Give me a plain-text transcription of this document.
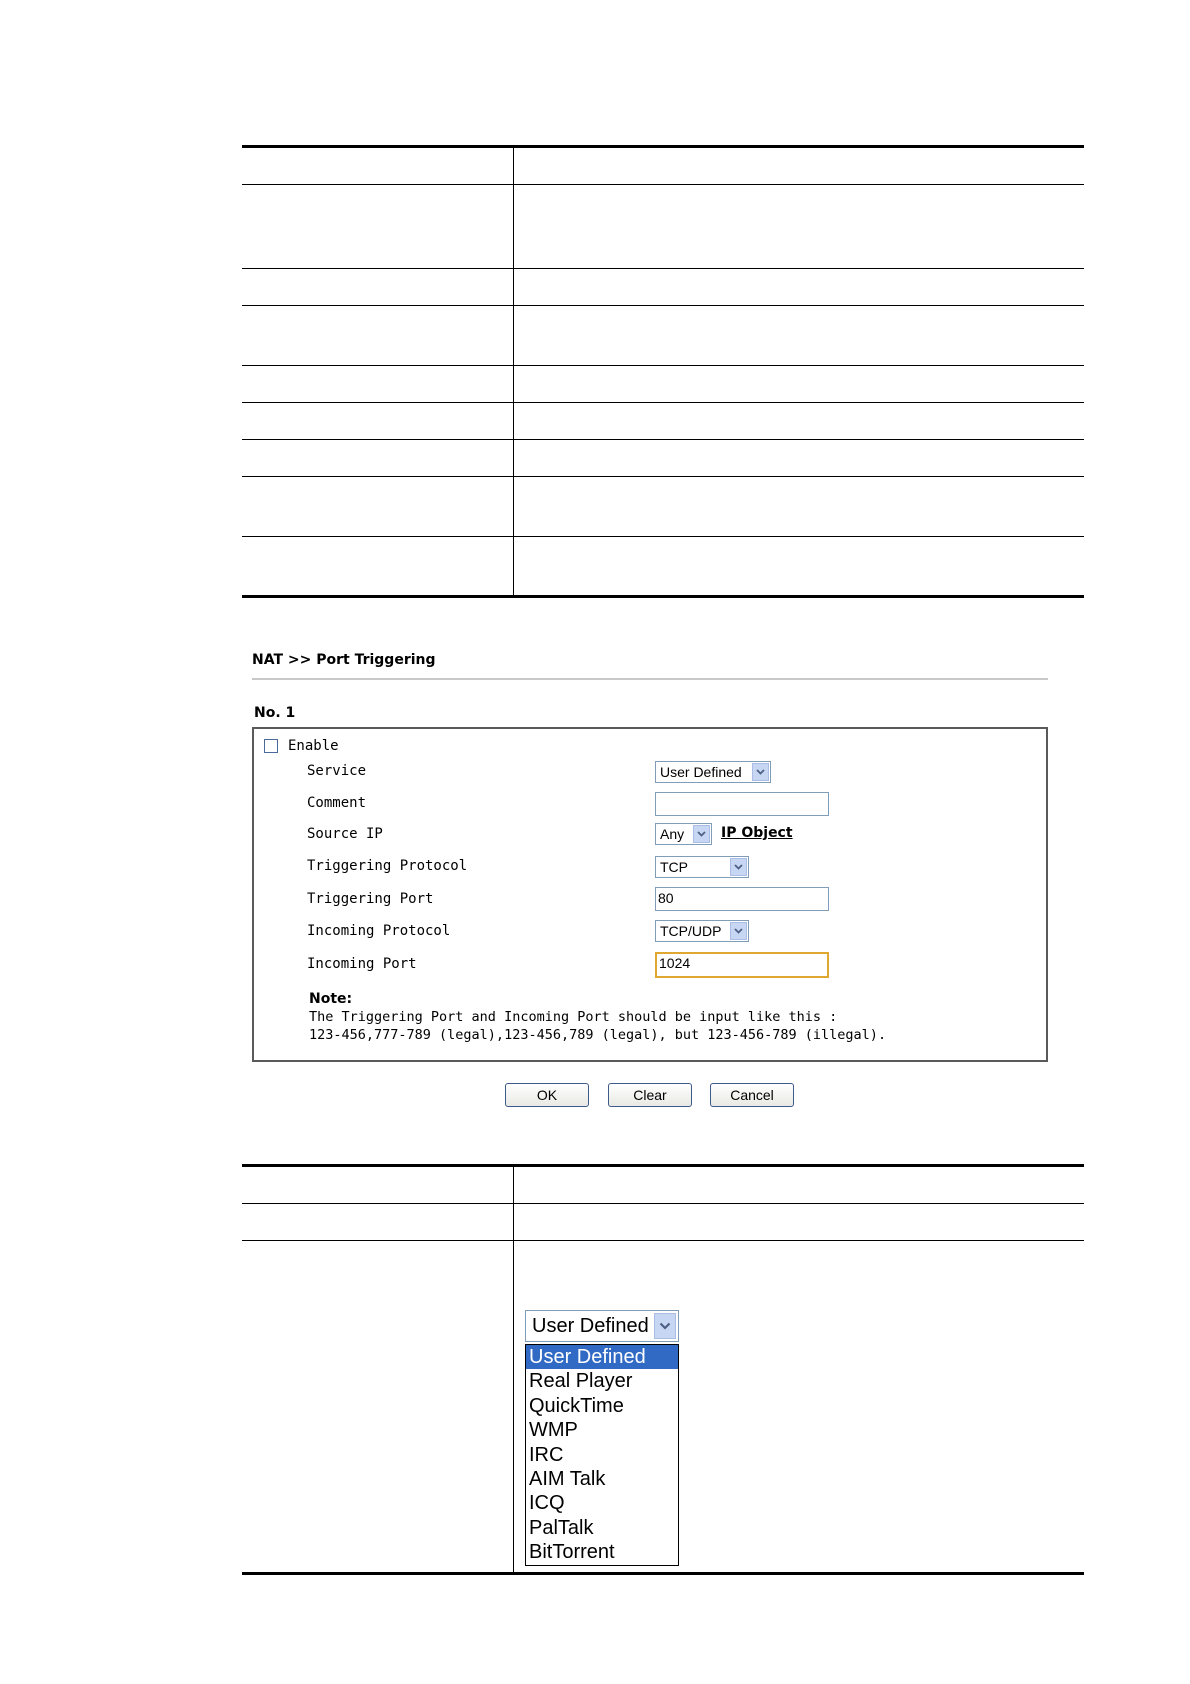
NAT >> Port Triggering
No. 1
Enable
Service	User Defined
Comment
Source IP	Any	IP Object
Triggering Protocol	TCP
Triggering Port	80
Incoming Protocol	TCP/UDP
Incoming Port	1024
Note:
The Triggering Port and Incoming Port should be input like this :
123-456,777-789 (legal),123-456,789 (legal), but 123-456-789 (illegal).
OK	Clear	Cancel

User Defined
User Defined
Real Player
QuickTime
WMP
IRC
AIM Talk
ICQ
PalTalk
BitTorrent
